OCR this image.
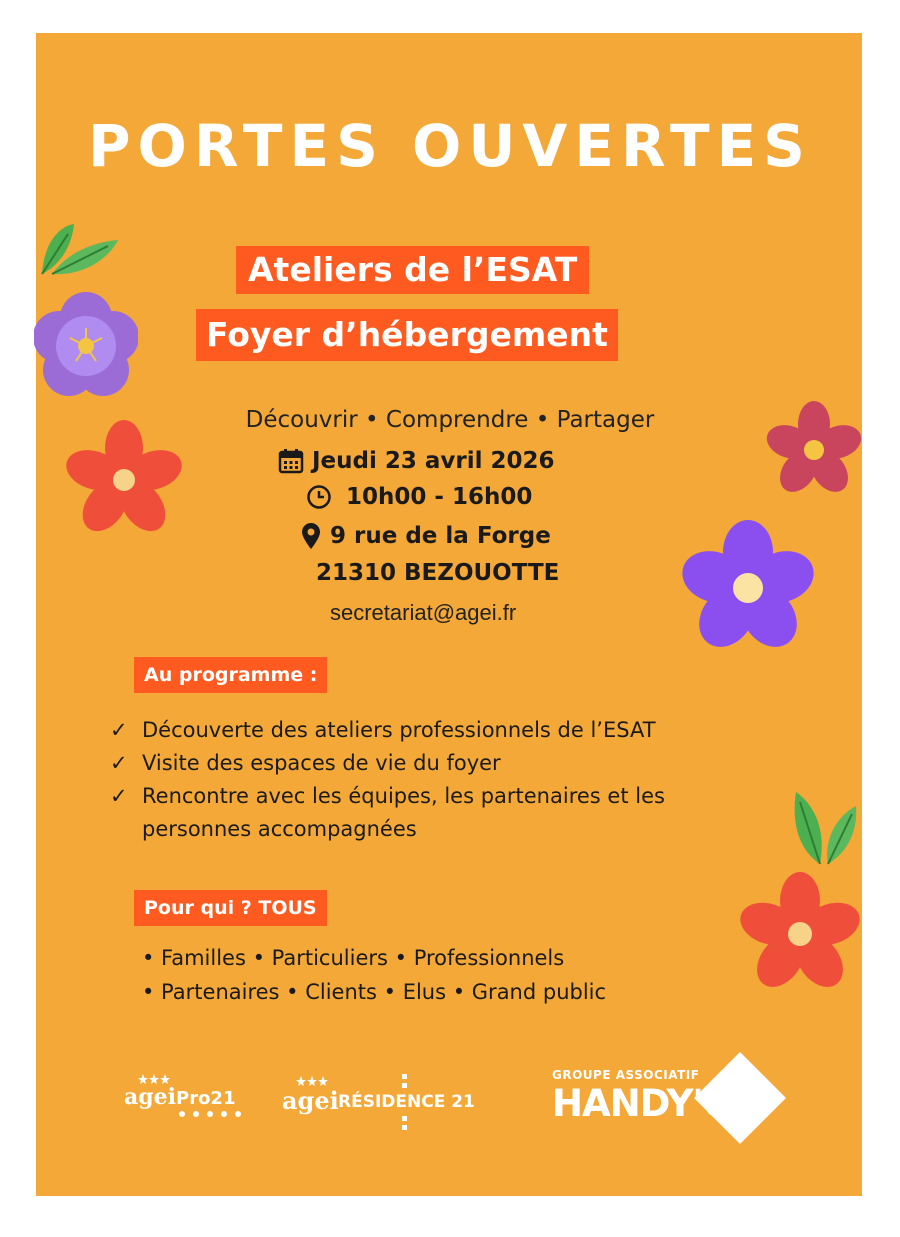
PORTES OUVERTES
Ateliers de l’ESAT
Foyer d’hébergement
Découvrir • Comprendre • Partager
Jeudi 23 avril 2026
10h00 - 16h00
9 rue de la Forge
21310 BEZOUOTTE
secretariat@agei.fr
Au programme :
✓ Découverte des ateliers professionnels de l’ESAT
✓ Visite des espaces de vie du foyer
✓ Rencontre avec les équipes, les partenaires et les
personnes accompagnées
Pour qui ? TOUS
• Familles • Particuliers • Professionnels
• Partenaires • Clients • Elus • Grand public
agei Pro21 agei RÉSIDENCE 21
GROUPE ASSOCIATIF
HANDY'UP
